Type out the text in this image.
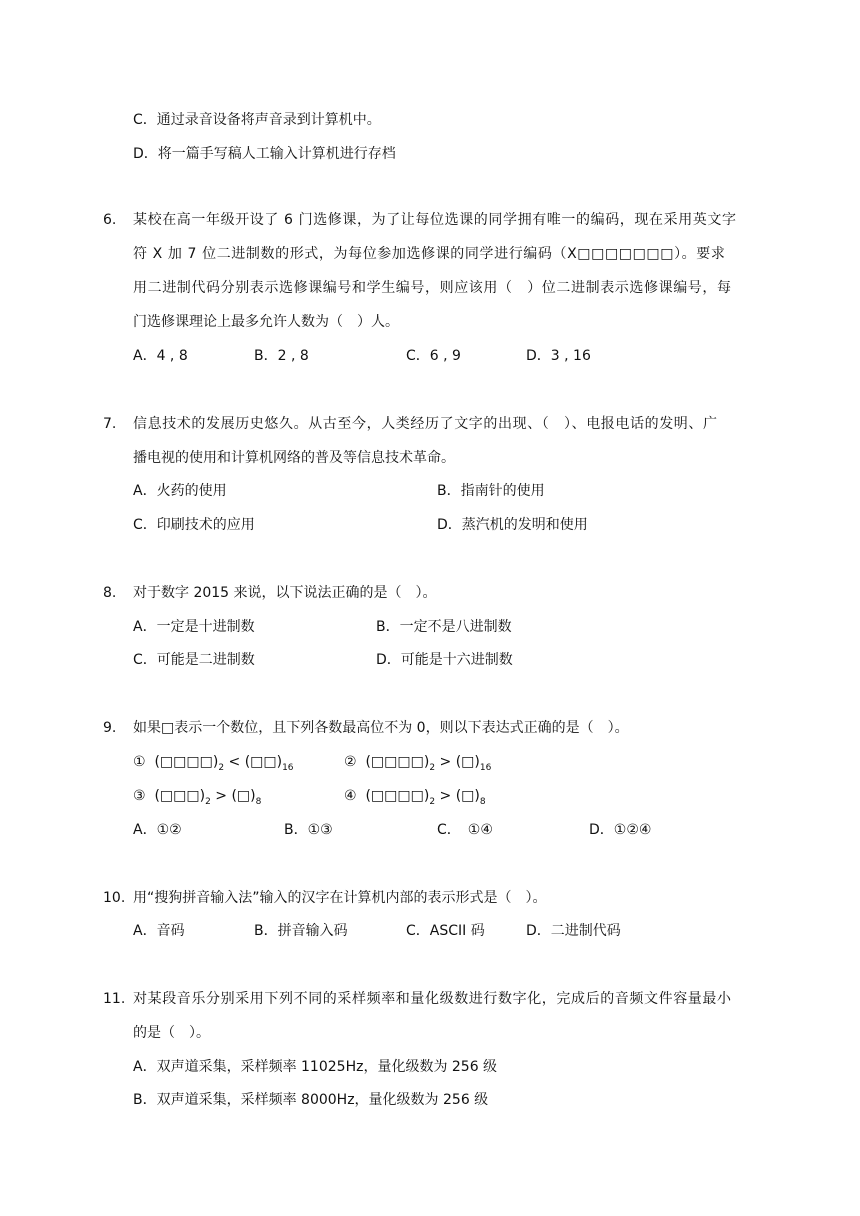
C．通过录音设备将声音录到计算机中。
D．将一篇手写稿人工输入计算机进行存档
6.	某校在高一年级开设了 6 门选修课，为了让每位选课的同学拥有唯一的编码，现在采用英文字
符 X 加 7 位二进制数的形式，为每位参加选修课的同学进行编码（X□□□□□□□）。要求
用二进制代码分别表示选修课编号和学生编号，则应该用（　）位二进制表示选修课编号，每
门选修课理论上最多允许人数为（　）人。
A．4 , 8	B．2 , 8	C．6 , 9	D．3 , 16
7.	信息技术的发展历史悠久。从古至今，人类经历了文字的出现、（　）、电报电话的发明、广
播电视的使用和计算机网络的普及等信息技术革命。
A．火药的使用	B．指南针的使用
C．印刷技术的应用	D．蒸汽机的发明和使用
8.	对于数字 2015 来说，以下说法正确的是（　）。
A．一定是十进制数	B．一定不是八进制数
C．可能是二进制数	D．可能是十六进制数
9.	如果□表示一个数位，且下列各数最高位不为 0，则以下表达式正确的是（　）。
① $(□□□□)_2$ < $(□□)_{16}$	② $(□□□□)_2$ > $(□)_{16}$
③ $(□□□)_2$ > $(□)_8$	④ $(□□□□)_2$ > $(□)_8$
A．①②	B．①③	C．　①④	D．①②④
10. 用“搜狗拼音输入法”输入的汉字在计算机内部的表示形式是（　）。
A．音码	B．拼音输入码	C．ASCII 码	D．二进制代码
11. 对某段音乐分别采用下列不同的采样频率和量化级数进行数字化，完成后的音频文件容量最小
的是（　）。
A．双声道采集，采样频率 11025Hz，量化级数为 256 级
B．双声道采集，采样频率 8000Hz，量化级数为 256 级
